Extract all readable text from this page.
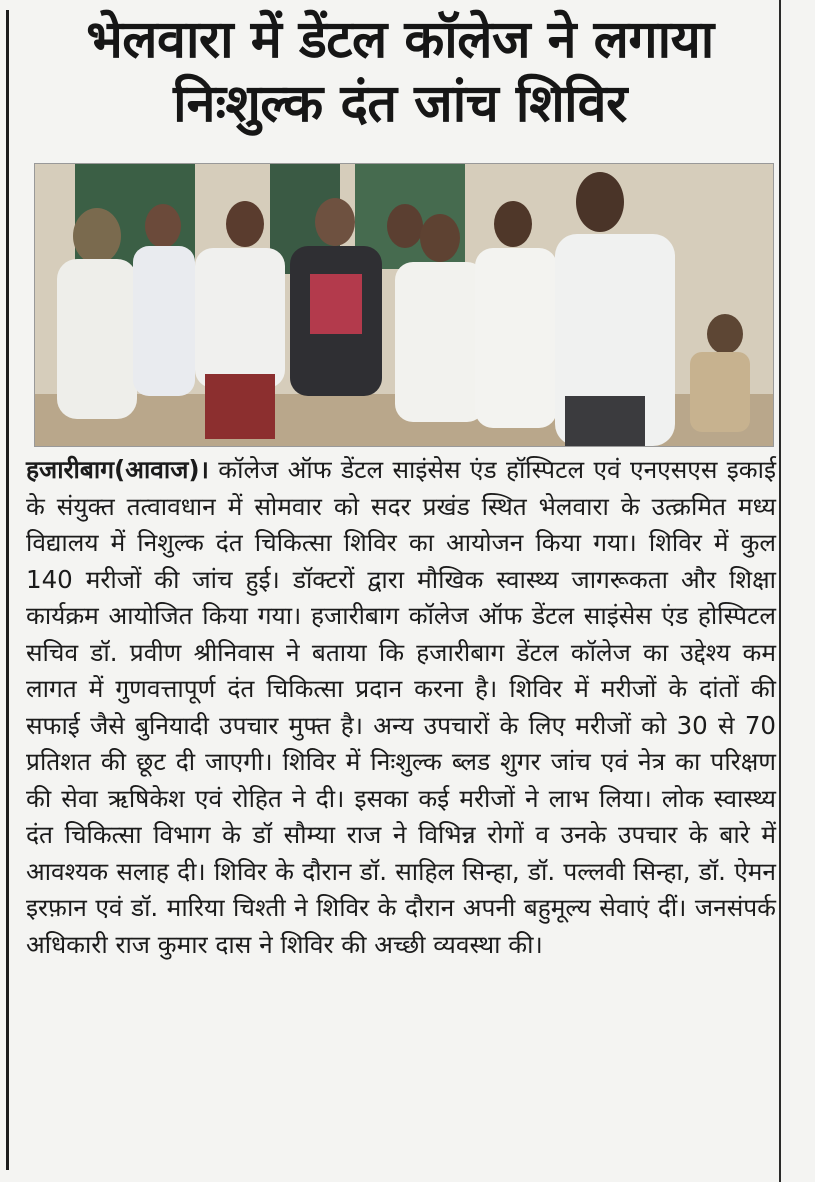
भेलवारा में डेंटल कॉलेज ने लगाया
निःशुल्क दंत जांच शिविर
हजारीबाग(आवाज)। कॉलेज ऑफ डेंटल साइंसेस एंड हॉस्पिटल एवं एनएसएस इकाई के संयुक्त तत्वावधान में सोमवार को सदर प्रखंड स्थित भेलवारा के उत्क्रमित मध्य विद्यालय में निशुल्क दंत चिकित्सा शिविर का आयोजन किया गया। शिविर में कुल 140 मरीजों की जांच हुई। डॉक्टरों द्वारा मौखिक स्वास्थ्य जागरूकता और शिक्षा कार्यक्रम आयोजित किया गया। हजारीबाग कॉलेज ऑफ डेंटल साइंसेस एंड होस्पिटल सचिव डॉ. प्रवीण श्रीनिवास ने बताया कि हजारीबाग डेंटल कॉलेज का उद्देश्य कम लागत में गुणवत्तापूर्ण दंत चिकित्सा प्रदान करना है। शिविर में मरीजों के दांतों की सफाई जैसे बुनियादी उपचार मुफ्त है। अन्य उपचारों के लिए मरीजों को 30 से 70 प्रतिशत की छूट दी जाएगी। शिविर में निःशुल्क ब्लड शुगर जांच एवं नेत्र का परिक्षण की सेवा ऋषिकेश एवं रोहित ने दी। इसका कई मरीजों ने लाभ लिया। लोक स्वास्थ्य दंत चिकित्सा विभाग के डॉ सौम्या राज ने विभिन्न रोगों व उनके उपचार के बारे में आवश्यक सलाह दी। शिविर के दौरान डॉ. साहिल सिन्हा, डॉ. पल्लवी सिन्हा, डॉ. ऐमन इरफ़ान एवं डॉ. मारिया चिश्ती ने शिविर के दौरान अपनी बहुमूल्य सेवाएं दीं। जनसंपर्क अधिकारी राज कुमार दास ने शिविर की अच्छी व्यवस्था की।
